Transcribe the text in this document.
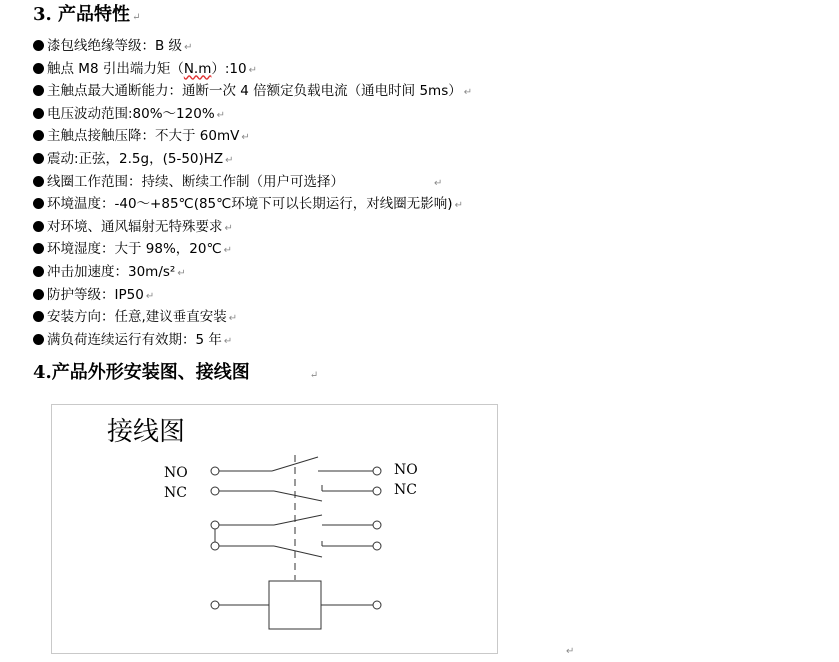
3. 产品特性 ↵
漆包线绝缘等级：B 级 ↵
触点 M8 引出端力矩（N.m）:10 ↵
主触点最大通断能力：通断一次 4 倍额定负载电流（通电时间 5ms） ↵
电压波动范围:80%～120% ↵
主触点接触压降：不大于 60mV ↵
震动:正弦，2.5g，(5-50)HZ ↵
线圈工作范围：持续、断续工作制（用户可选择）	↵
环境温度：-40～+85℃(85℃环境下可以长期运行，对线圈无影响) ↵
对环境、通风辐射无特殊要求 ↵
环境湿度：大于 98%，20℃ ↵
冲击加速度：30m/s² ↵
防护等级：IP50 ↵
安装方向：任意,建议垂直安装 ↵
满负荷连续运行有效期：5 年 ↵
4.产品外形安装图、接线图	↵
接线图
NO
NC
NO
NC
↵
